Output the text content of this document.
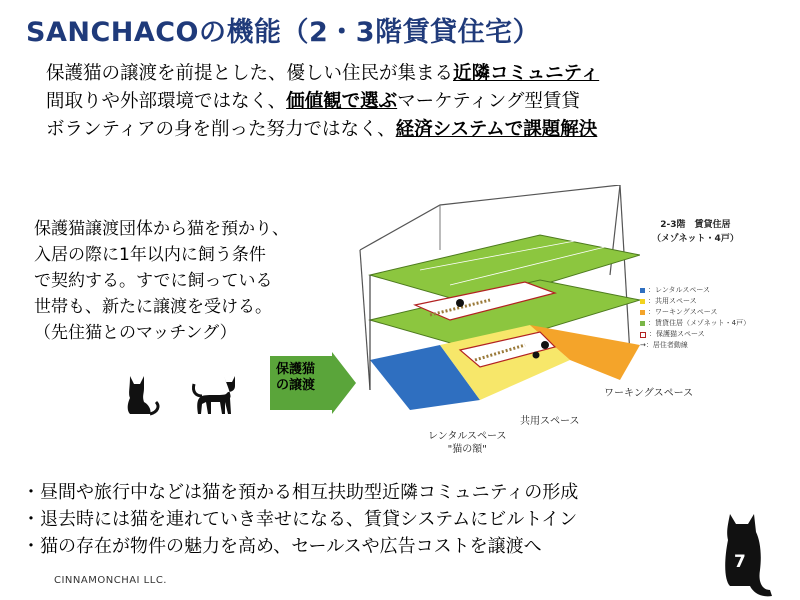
SANCHACOの機能（2・3階賃貸住宅）
保護猫の譲渡を前提とした、優しい住民が集まる近隣コミュニティ
間取りや外部環境ではなく、価値観で選ぶマーケティング型賃貸
ボランティアの身を削った努力ではなく、経済システムで課題解決
保護猫譲渡団体から猫を預かり、
入居の際に1年以内に飼う条件
で契約する。すでに飼っている
世帯も、新たに譲渡を受ける。
（先住猫とのマッチング）
保護猫
の譲渡
2-3階　賃貸住居
（メゾネット・4戸）
：レンタルスペース
：共用スペース
：ワーキングスペース
：賃貸住居（メゾネット・4戸）
：保護猫スペース
→：居住者動線
ワーキングスペース
共用スペース
レンタルスペース
"猫の額"
・昼間や旅行中などは猫を預かる相互扶助型近隣コミュニティの形成
・退去時には猫を連れていき幸せになる、賃貸システムにビルトイン
・猫の存在が物件の魅力を高め、セールスや広告コストを譲渡へ
CINNAMONCHAI LLC.
7
